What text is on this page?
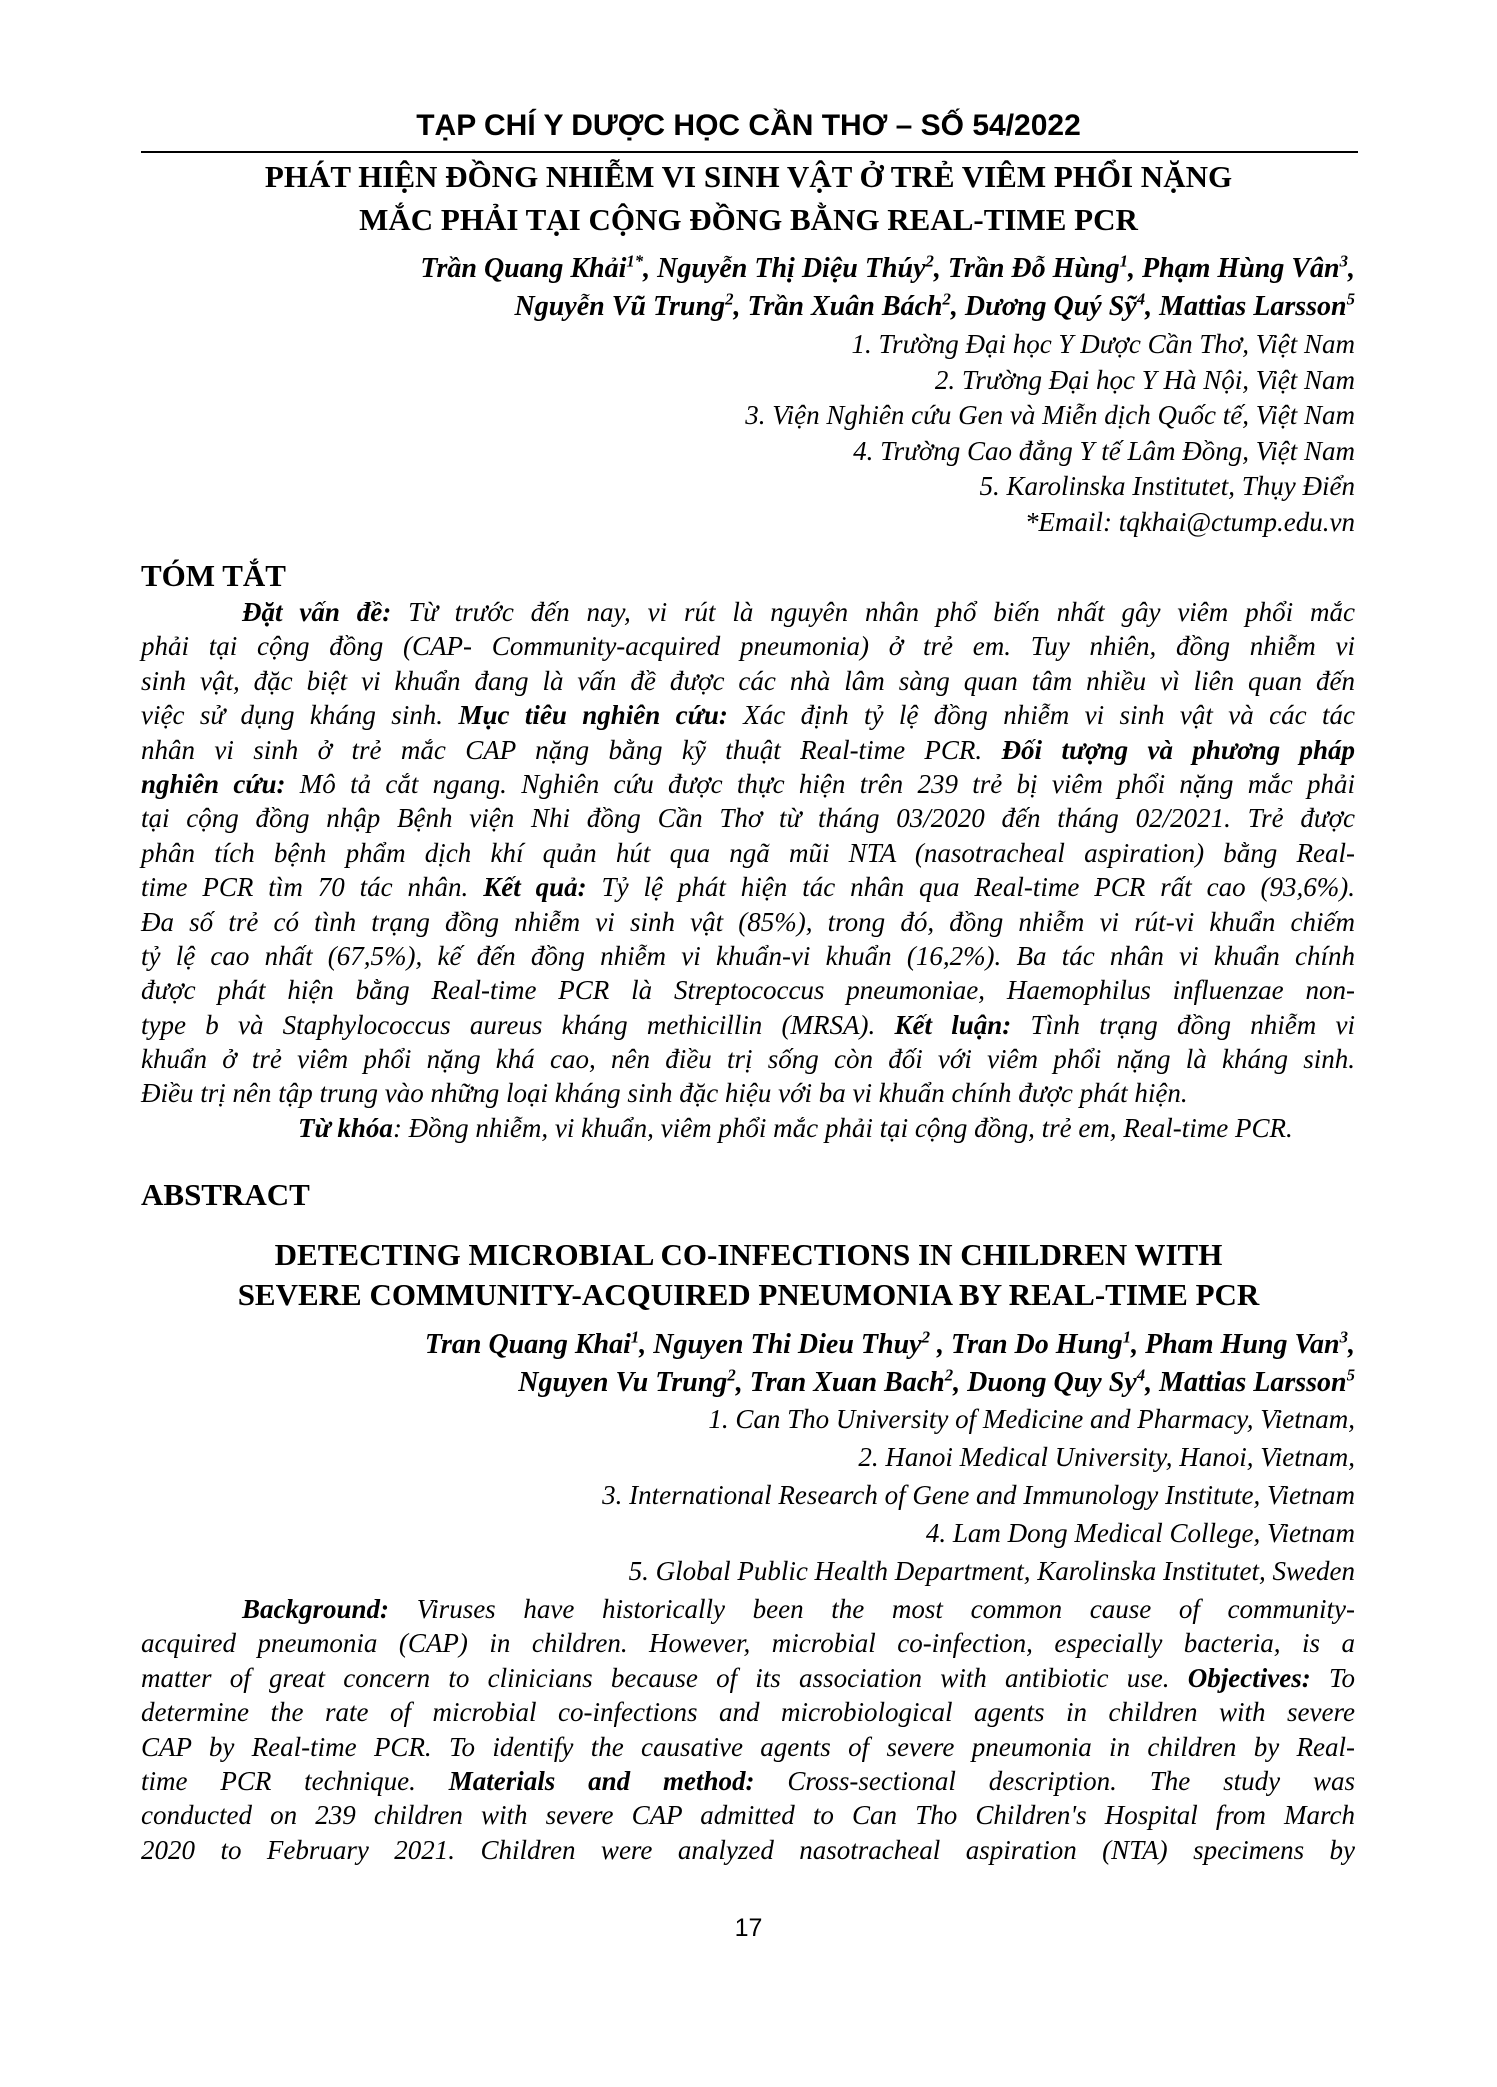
TẠP CHÍ Y DƯỢC HỌC CẦN THƠ – SỐ 54/2022
PHÁT HIỆN ĐỒNG NHIỄM VI SINH VẬT Ở TRẺ VIÊM PHỔI NẶNG
MẮC PHẢI TẠI CỘNG ĐỒNG BẰNG REAL-TIME PCR
Trần Quang Khải$^{1*}$, Nguyễn Thị Diệu Thúy$^2$, Trần Đỗ Hùng$^1$, Phạm Hùng Vân$^3$,
Nguyễn Vũ Trung$^2$, Trần Xuân Bách$^2$, Dương Quý Sỹ$^4$, Mattias Larsson$^5$
1. Trường Đại học Y Dược Cần Thơ, Việt Nam
2. Trường Đại học Y Hà Nội, Việt Nam
3. Viện Nghiên cứu Gen và Miễn dịch Quốc tế, Việt Nam
4. Trường Cao đẳng Y tế Lâm Đồng, Việt Nam
5. Karolinska Institutet, Thụy Điển
*Email: tqkhai@ctump.edu.vn
TÓM TẮT
Đặt vấn đề: Từ trước đến nay, vi rút là nguyên nhân phổ biến nhất gây viêm phổi mắc
phải tại cộng đồng (CAP- Community-acquired pneumonia) ở trẻ em. Tuy nhiên, đồng nhiễm vi
sinh vật, đặc biệt vi khuẩn đang là vấn đề được các nhà lâm sàng quan tâm nhiều vì liên quan đến
việc sử dụng kháng sinh. Mục tiêu nghiên cứu: Xác định tỷ lệ đồng nhiễm vi sinh vật và các tác
nhân vi sinh ở trẻ mắc CAP nặng bằng kỹ thuật Real-time PCR. Đối tượng và phương pháp
nghiên cứu: Mô tả cắt ngang. Nghiên cứu được thực hiện trên 239 trẻ bị viêm phổi nặng mắc phải
tại cộng đồng nhập Bệnh viện Nhi đồng Cần Thơ từ tháng 03/2020 đến tháng 02/2021. Trẻ được
phân tích bệnh phẩm dịch khí quản hút qua ngã mũi NTA (nasotracheal aspiration) bằng Real-
time PCR tìm 70 tác nhân. Kết quả: Tỷ lệ phát hiện tác nhân qua Real-time PCR rất cao (93,6%).
Đa số trẻ có tình trạng đồng nhiễm vi sinh vật (85%), trong đó, đồng nhiễm vi rút-vi khuẩn chiếm
tỷ lệ cao nhất (67,5%), kế đến đồng nhiễm vi khuẩn-vi khuẩn (16,2%). Ba tác nhân vi khuẩn chính
được phát hiện bằng Real-time PCR là Streptococcus pneumoniae, Haemophilus influenzae non-
type b và Staphylococcus aureus kháng methicillin (MRSA). Kết luận: Tình trạng đồng nhiễm vi
khuẩn ở trẻ viêm phổi nặng khá cao, nên điều trị sống còn đối với viêm phổi nặng là kháng sinh.
Điều trị nên tập trung vào những loại kháng sinh đặc hiệu với ba vi khuẩn chính được phát hiện.
Từ khóa: Đồng nhiễm, vi khuẩn, viêm phổi mắc phải tại cộng đồng, trẻ em, Real-time PCR.
ABSTRACT
DETECTING MICROBIAL CO-INFECTIONS IN CHILDREN WITH
SEVERE COMMUNITY-ACQUIRED PNEUMONIA BY REAL-TIME PCR
Tran Quang Khai$^1$, Nguyen Thi Dieu Thuy$^2$ , Tran Do Hung$^1$, Pham Hung Van$^3$,
Nguyen Vu Trung$^2$, Tran Xuan Bach$^2$, Duong Quy Sy$^4$, Mattias Larsson$^5$
1. Can Tho University of Medicine and Pharmacy, Vietnam,
2. Hanoi Medical University, Hanoi, Vietnam,
3. International Research of Gene and Immunology Institute, Vietnam
4. Lam Dong Medical College, Vietnam
5. Global Public Health Department, Karolinska Institutet, Sweden
Background: Viruses have historically been the most common cause of community-
acquired pneumonia (CAP) in children. However, microbial co-infection, especially bacteria, is a
matter of great concern to clinicians because of its association with antibiotic use. Objectives: To
determine the rate of microbial co-infections and microbiological agents in children with severe
CAP by Real-time PCR. To identify the causative agents of severe pneumonia in children by Real-
time PCR technique. Materials and method: Cross-sectional description. The study was
conducted on 239 children with severe CAP admitted to Can Tho Children's Hospital from March
2020 to February 2021. Children were analyzed nasotracheal aspiration (NTA) specimens by
17
